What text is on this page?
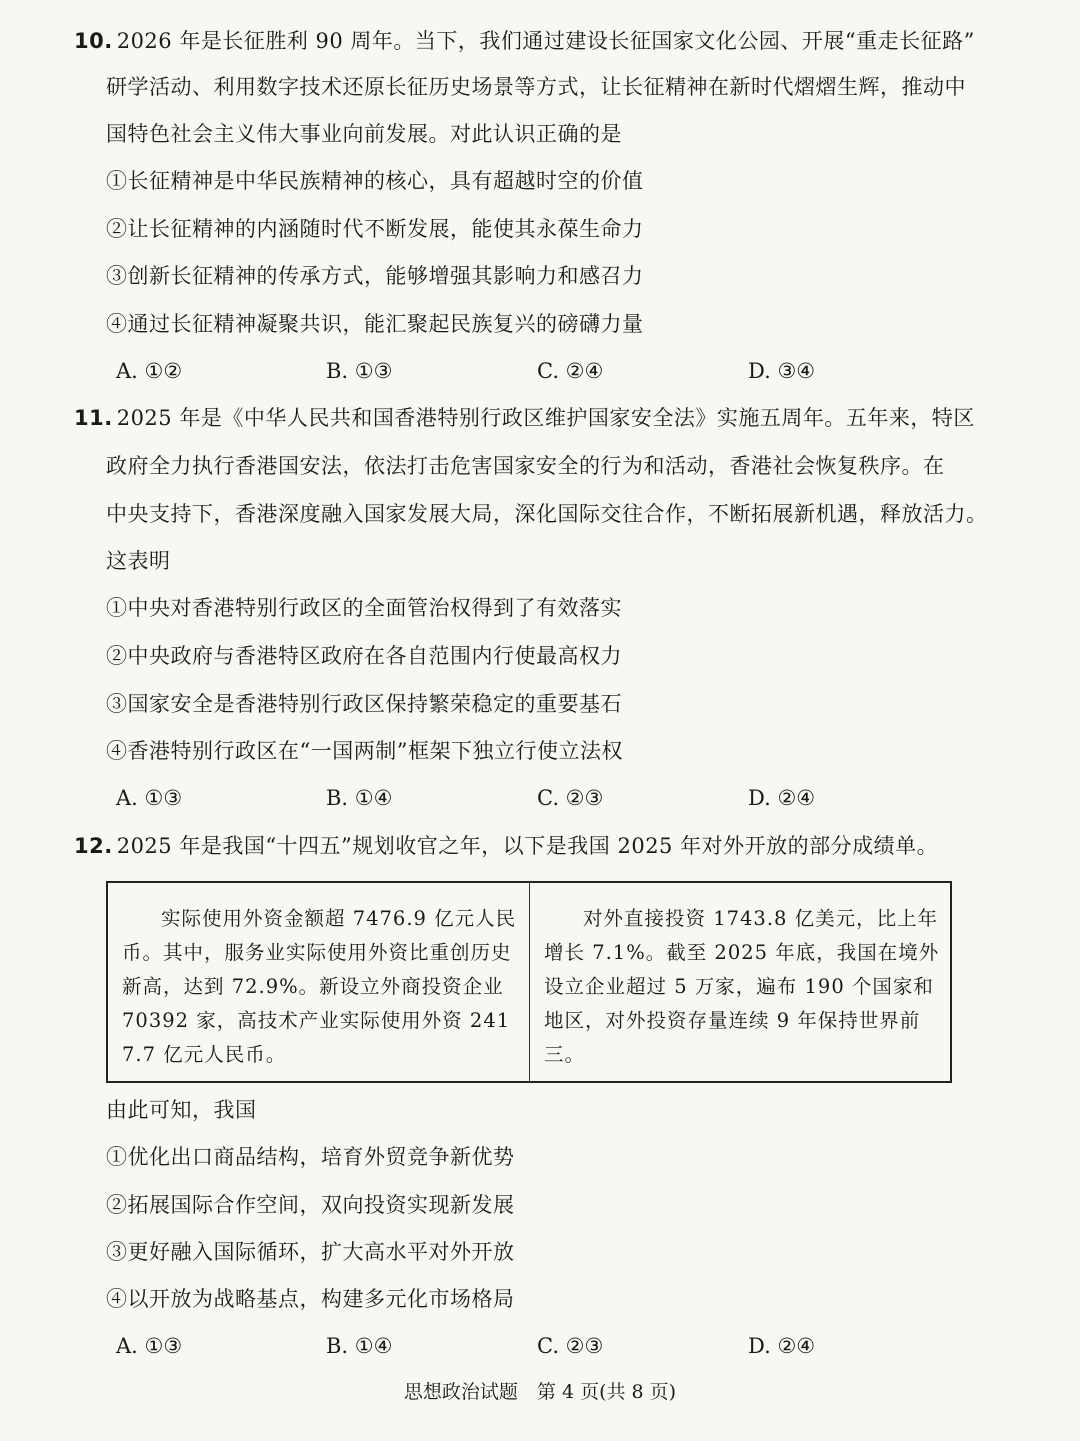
10. 2026 年是长征胜利 90 周年。当下，我们通过建设长征国家文化公园、开展“重走长征路”
研学活动、利用数字技术还原长征历史场景等方式，让长征精神在新时代熠熠生辉，推动中
国特色社会主义伟大事业向前发展。对此认识正确的是
①长征精神是中华民族精神的核心，具有超越时空的价值
②让长征精神的内涵随时代不断发展，能使其永葆生命力
③创新长征精神的传承方式，能够增强其影响力和感召力
④通过长征精神凝聚共识，能汇聚起民族复兴的磅礴力量
A. ①②	B. ①③	C. ②④	D. ③④
11. 2025 年是《中华人民共和国香港特别行政区维护国家安全法》实施五周年。五年来，特区
政府全力执行香港国安法，依法打击危害国家安全的行为和活动，香港社会恢复秩序。在
中央支持下，香港深度融入国家发展大局，深化国际交往合作，不断拓展新机遇，释放活力。
这表明
①中央对香港特别行政区的全面管治权得到了有效落实
②中央政府与香港特区政府在各自范围内行使最高权力
③国家安全是香港特别行政区保持繁荣稳定的重要基石
④香港特别行政区在“一国两制”框架下独立行使立法权
A. ①③	B. ①④	C. ②③	D. ②④
12. 2025 年是我国“十四五”规划收官之年，以下是我国 2025 年对外开放的部分成绩单。

实际使用外资金额超 7476.9 亿元人民币。其中，服务业实际使用外资比重创历史新高，达到 72.9%。新设立外商投资企业 70392 家，高技术产业实际使用外资 2417.7 亿元人民币。

对外直接投资 1743.8 亿美元，比上年增长 7.1%。截至 2025 年底，我国在境外设立企业超过 5 万家，遍布 190 个国家和地区，对外投资存量连续 9 年保持世界前三。

由此可知，我国
①优化出口商品结构，培育外贸竞争新优势
②拓展国际合作空间，双向投资实现新发展
③更好融入国际循环，扩大高水平对外开放
④以开放为战略基点，构建多元化市场格局
A. ①③	B. ①④	C. ②③	D. ②④
思想政治试题　第 4 页(共 8 页)
